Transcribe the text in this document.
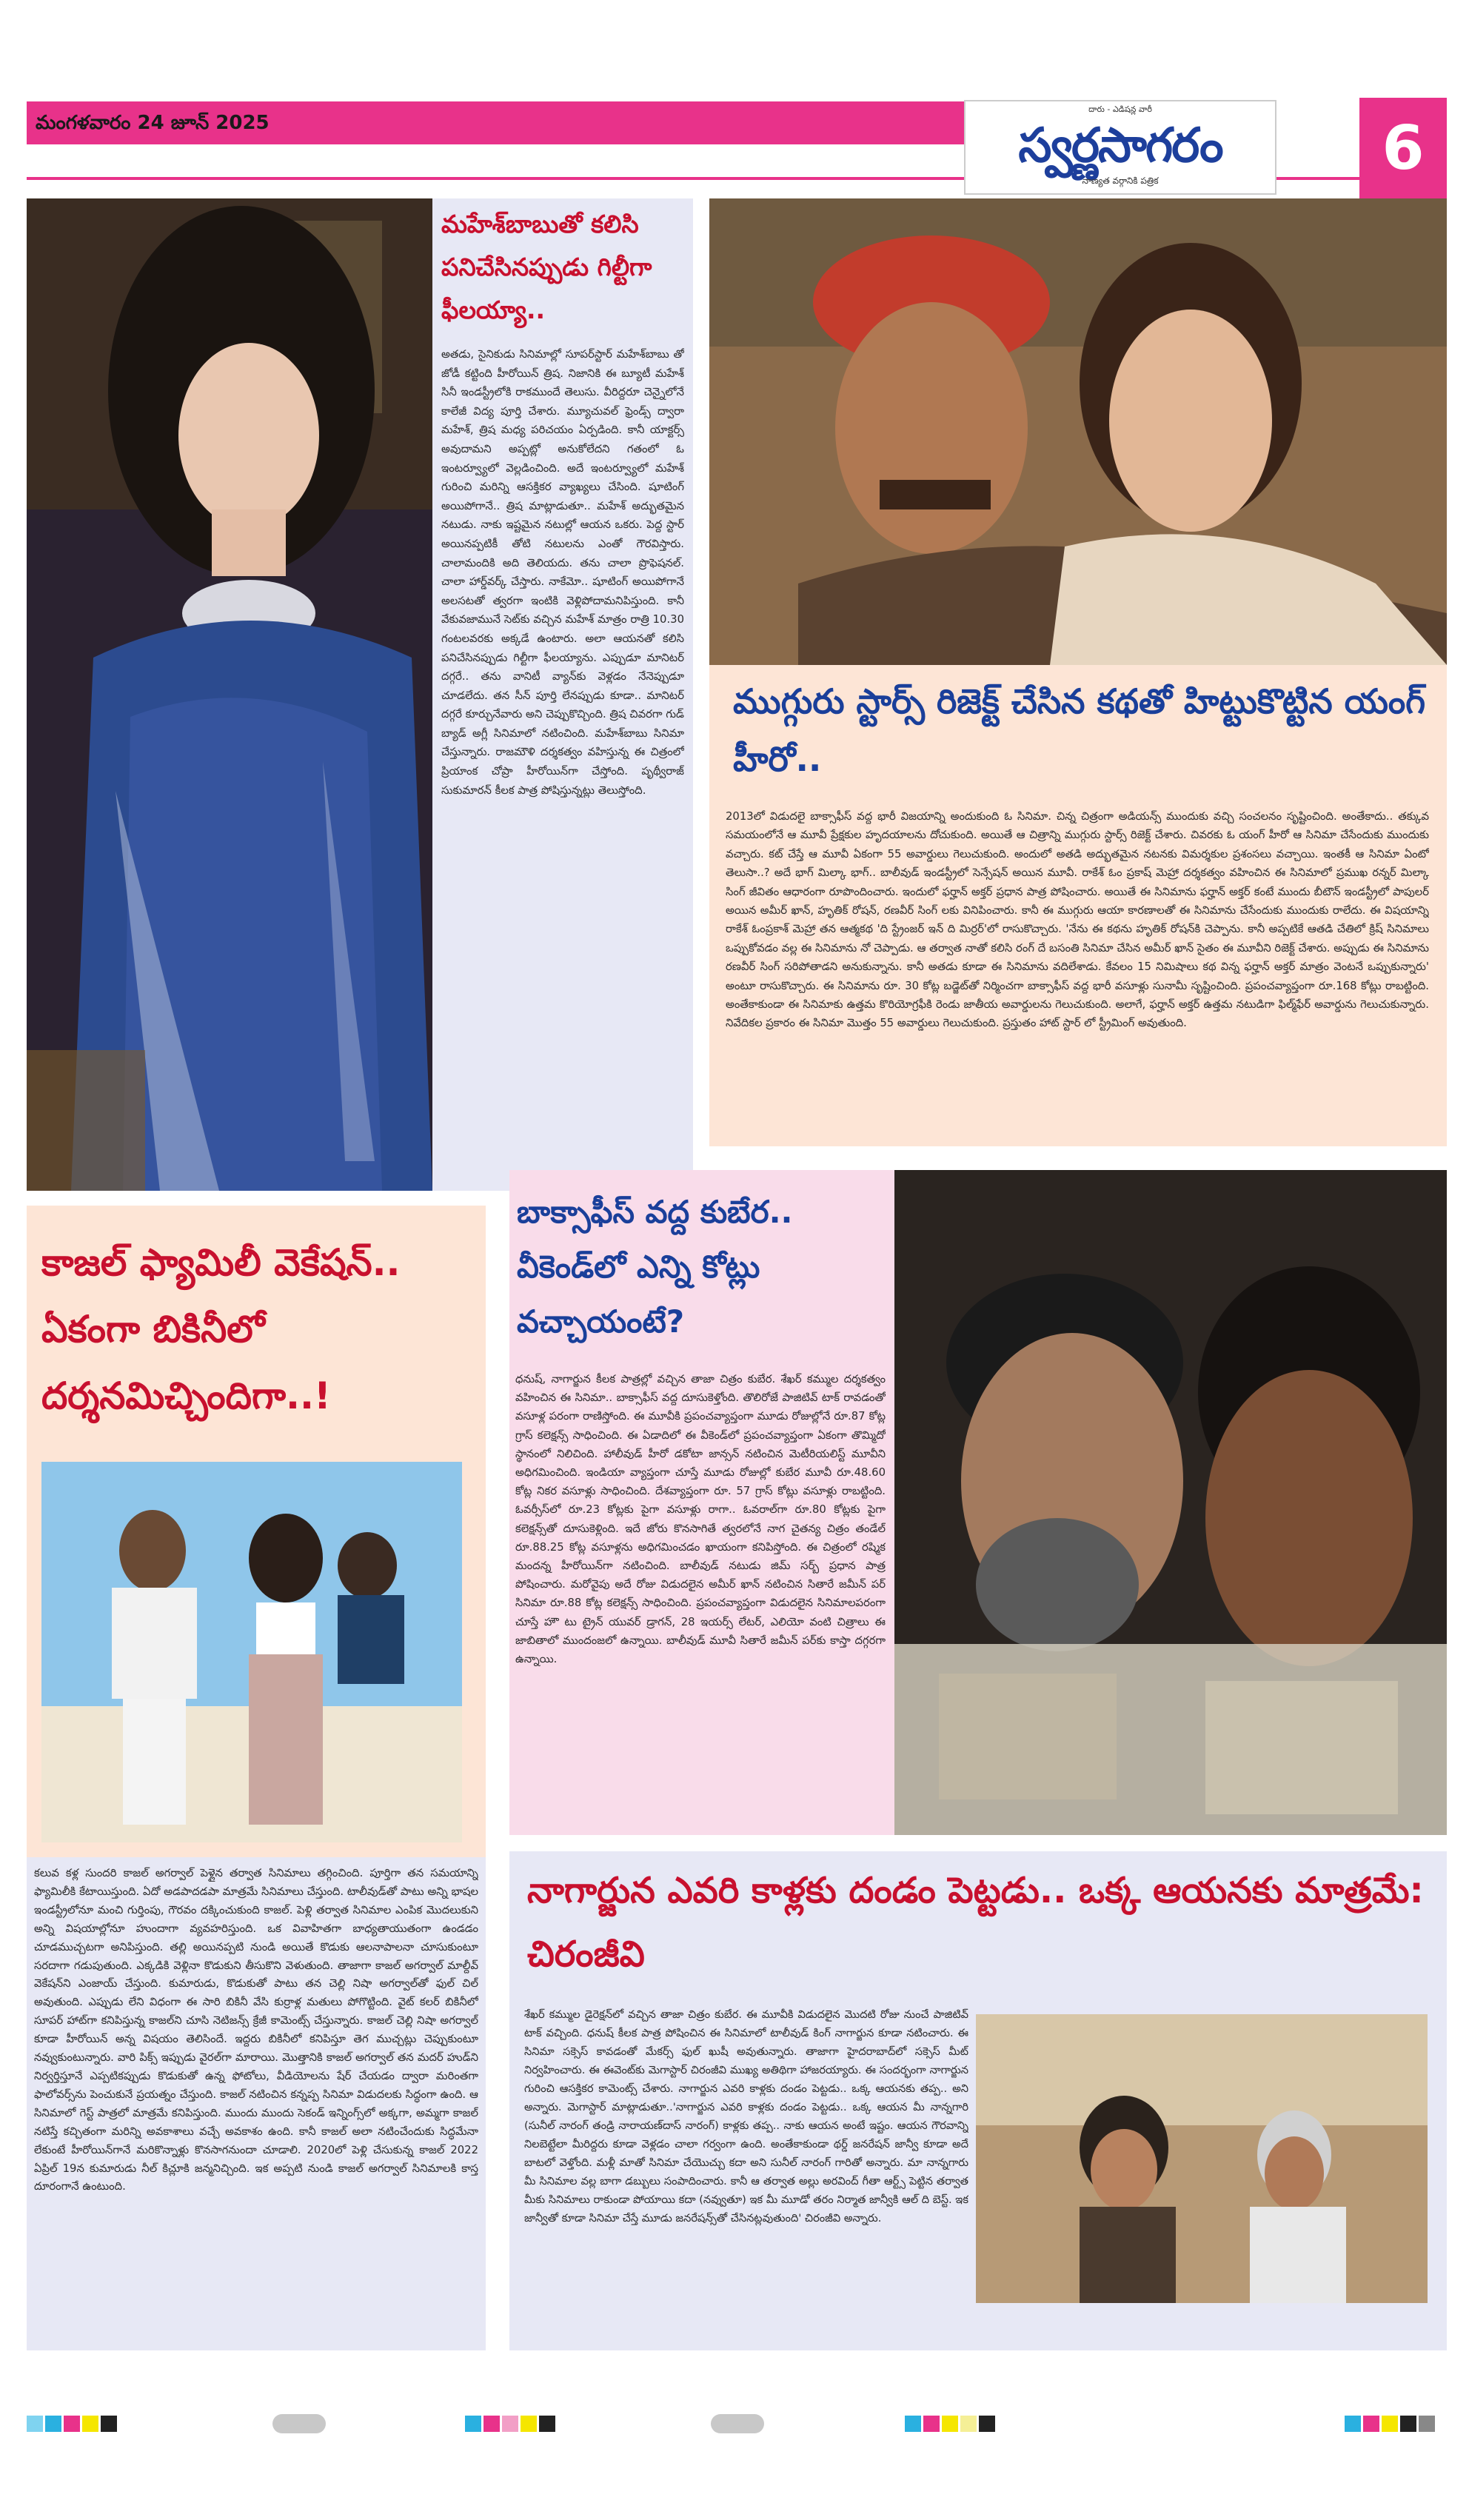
మంగళవారం 24 జూన్ 2025
దారు - ఎడిషన్ల వారీ
స్వర్ణసాగరం
నాణ్యత వర్గానికి పత్రిక	6
మహేశ్‌బాబుతో కలిసి పనిచేసినప్పుడు గిల్టీగా ఫీలయ్యా..
అతడు, సైనికుడు సినిమాల్లో సూపర్‌స్టార్ మహేశ్‌బాబు తో జోడీ కట్టింది హీరోయిన్ త్రిష. నిజానికి ఈ బ్యూటీ మహేశ్ సినీ ఇండస్ట్రీలోకి రాకముందే తెలుసు. వీరిద్దరూ చెన్నైలోనే కాలేజీ విద్య పూర్తి చేశారు. మ్యూచువల్ ఫ్రెండ్స్ ద్వారా మహేశ్, త్రిష మధ్య పరిచయం ఏర్పడింది. కానీ యాక్టర్స్ అవుదామని అప్పట్లో అనుకోలేదని గతంలో ఓ ఇంటర్వ్యూలో వెల్లడించింది. అదే ఇంటర్వ్యూలో మహేశ్ గురించి మరిన్ని ఆసక్తికర వ్యాఖ్యలు చేసింది. షూటింగ్ అయిపోగానే.. త్రిష మాట్లాడుతూ.. మహేశ్ అద్భుతమైన నటుడు. నాకు ఇష్టమైన నటుల్లో ఆయన ఒకరు. పెద్ద స్టార్ అయినప్పటికీ తోటి నటులను ఎంతో గౌరవిస్తారు. చాలామందికి అది తెలియదు. తను చాలా ప్రొఫెషనల్. చాలా హార్డ్‌వర్క్ చేస్తారు. నాకేమో.. షూటింగ్ అయిపోగానే అలసటతో త్వరగా ఇంటికి వెళ్లిపోదామనిపిస్తుంది. కానీ వేకువజామునే సెట్‌కు వచ్చిన మహేశ్ మాత్రం రాత్రి 10.30 గంటలవరకు అక్కడే ఉంటారు. అలా ఆయనతో కలిసి పనిచేసినప్పుడు గిల్టీగా ఫీలయ్యాను. ఎప్పుడూ మానిటర్ దగ్గరే.. తను వానిటీ వ్యాన్‌కు వెళ్లడం నేనెప్పుడూ చూడలేదు. తన సీన్ పూర్తి లేనప్పుడు కూడా.. మానిటర్ దగ్గరే కూర్చునేవారు అని చెప్పుకొచ్చింది. త్రిష చివరగా గుడ్ బ్యాడ్ అగ్లీ సినిమాలో నటించింది. మహేశ్‌బాబు సినిమా చేస్తున్నారు. రాజమౌళి దర్శకత్వం వహిస్తున్న ఈ చిత్రంలో ప్రియాంక చోప్రా హీరోయిన్‌గా చేస్తోంది. పృథ్వీరాజ్ సుకుమారన్ కీలక పాత్ర పోషిస్తున్నట్లు తెలుస్తోంది.
ముగ్గురు స్టార్స్ రిజెక్ట్ చేసిన కథతో హిట్టుకొట్టిన యంగ్ హీరో..
2013లో విడుదలై బాక్సాఫీస్ వద్ద భారీ విజయాన్ని అందుకుంది ఓ సినిమా. చిన్న చిత్రంగా అడియన్స్ ముందుకు వచ్చి సంచలనం సృష్టించింది. అంతేకాదు.. తక్కువ సమయంలోనే ఆ మూవీ ప్రేక్షకుల హృదయాలను దోచుకుంది. అయితే ఆ చిత్రాన్ని ముగ్గురు స్టార్స్ రిజెక్ట్ చేశారు. చివరకు ఓ యంగ్ హీరో ఆ సినిమా చేసేందుకు ముందుకు వచ్చారు. కట్ చేస్తే ఆ మూవీ ఏకంగా 55 అవార్డులు గెలుచుకుంది. అందులో అతడి అద్భుతమైన నటనకు విమర్శకుల ప్రశంసలు వచ్చాయి. ఇంతకీ ఆ సినిమా ఏంటో తెలుసా..? అదే భాగ్ మిల్కా భాగ్.. బాలీవుడ్ ఇండస్ట్రీలో సెన్సేషన్ అయిన మూవీ. రాకేశ్ ఓం ప్రకాష్ మెహ్రా దర్శకత్వం వహించిన ఈ సినిమాలో ప్రముఖ రన్నర్ మిల్కా సింగ్ జీవితం ఆధారంగా రూపొందించారు. ఇందులో ఫర్హాన్ అక్తర్ ప్రధాన పాత్ర పోషించారు. అయితే ఈ సినిమాను ఫర్హాన్ అక్తర్ కంటే ముందు బీటౌన్ ఇండస్ట్రీలో పాపులర్ అయిన అమీర్ ఖాన్, హృతిక్ రోషన్, రణవీర్ సింగ్ లకు వినిపించారు. కానీ ఈ ముగ్గురు ఆయా కారణాలతో ఈ సినిమాను చేసేందుకు ముందుకు రాలేదు. ఈ విషయాన్ని రాకేశ్ ఓంప్రకాశ్ మెహ్రా తన ఆత్మకథ 'ది స్ట్రేంజర్ ఇన్ ది మిర్రర్'లో రాసుకొచ్చారు. 'నేను ఈ కథను హృతిక్ రోషన్‌కి చెప్పాను. కానీ అప్పటికే ఆతడి చేతిలో క్రిష్ సినిమాలు ఒప్పుకోవడం వల్ల ఈ సినిమాను నో చెప్పాడు. ఆ తర్వాత నాతో కలిసి రంగ్ దే బసంతి సినిమా చేసిన అమీర్ ఖాన్ సైతం ఈ మూవీని రిజెక్ట్ చేశారు. అప్పుడు ఈ సినిమాను రణవీర్ సింగ్ సరిపోతాడని అనుకున్నాను. కానీ అతడు కూడా ఈ సినిమాను వదిలేశాడు. కేవలం 15 నిమిషాలు కథ విన్న ఫర్హాన్ అక్తర్ మాత్రం వెంటనే ఒప్పుకున్నారు' అంటూ రాసుకొచ్చారు. ఈ సినిమాను రూ. 30 కోట్ల బడ్జెట్‌తో నిర్మించగా బాక్సాఫీస్ వద్ద భారీ వసూళ్లు సునామీ సృష్టించింది. ప్రపంచవ్యాప్తంగా రూ.168 కోట్లు రాబట్టింది. అంతేకాకుండా ఈ సినిమాకు ఉత్తమ కొరియోగ్రఫీకి రెండు జాతీయ అవార్డులను గెలుచుకుంది. అలాగే, ఫర్హాన్ అక్తర్ ఉత్తమ నటుడిగా ఫిల్మ్‌ఫేర్ అవార్డును గెలుచుకున్నారు. నివేదికల ప్రకారం ఈ సినిమా మొత్తం 55 అవార్డులు గెలుచుకుంది. ప్రస్తుతం హాట్ స్టార్ లో స్ట్రీమింగ్ అవుతుంది.
కాజల్ ఫ్యామిలీ వెకేషన్.. ఏకంగా బికినీలో దర్శనమిచ్చిందిగా..!
బాక్సాఫీస్ వద్ద కుబేర.. వీకెండ్‌లో ఎన్ని కోట్లు వచ్చాయంటే?
ధనుష్, నాగార్జున కీలక పాత్రల్లో వచ్చిన తాజా చిత్రం కుబేర. శేఖర్ కమ్ముల దర్శకత్వం వహించిన ఈ సినిమా.. బాక్సాఫీస్ వద్ద దూసుకెళ్తోంది. తొలిరోజే పాజిటివ్ టాక్ రావడంతో వసూళ్ల పరంగా రాణిస్తోంది. ఈ మూవీకి ప్రపంచవ్యాప్తంగా మూడు రోజుల్లోనే రూ.87 కోట్ల గ్రాస్ కలెక్షన్స్ సాధించింది. ఈ ఏడాదిలో ఈ వీకెండ్‌లో ప్రపంచవ్యాప్తంగా ఏకంగా తొమ్మిదో స్థానంలో నిలిచింది. హాలీవుడ్ హీరో డకోటా జాన్సన్ నటించిన మెటీరియలిస్ట్ మూవీని అధిగమించింది. ఇండియా వ్యాప్తంగా చూస్తే మూడు రోజుల్లో కుబేర మూవీ రూ.48.60 కోట్ల నికర వసూళ్లు సాధించింది. దేశవ్యాప్తంగా రూ. 57 గ్రాస్ కోట్లు వసూళ్లు రాబట్టింది. ఓవర్సీస్‌లో రూ.23 కోట్లకు పైగా వసూళ్లు రాగా.. ఓవరాల్‌గా రూ.80 కోట్లకు పైగా కలెక్షన్స్‌తో దూసుకెళ్లింది. ఇదే జోరు కొనసాగితే త్వరలోనే నాగ చైతన్య చిత్రం తండేల్ రూ.88.25 కోట్ల వసూళ్లను అధిగమించడం ఖాయంగా కనిపిస్తోంది. ఈ చిత్రంలో రష్మిక మందన్న హీరోయిన్‌గా నటించింది. బాలీవుడ్ నటుడు జిమ్ సర్బ్ ప్రధాన పాత్ర పోషించారు. మరోవైపు అదే రోజు విడుదలైన అమీర్ ఖాన్ నటించిన సితారే జమీన్ పర్ సినిమా రూ.88 కోట్ల కలెక్షన్స్ సాధించింది. ప్రపంచవ్యాప్తంగా విడుదలైన సినిమాలపరంగా చూస్తే హౌ టు ట్రైన్ యువర్ డ్రాగన్, 28 ఇయర్స్ లేటర్, ఎలియో వంటి చిత్రాలు ఈ జాబితాలో ముందంజలో ఉన్నాయి. బాలీవుడ్ మూవీ సితారే జమీన్ పర్‌కు కాస్తా దగ్గరగా ఉన్నాయి.
కలువ కళ్ల సుందరి కాజల్ అగర్వాల్ పెళ్లైన తర్వాత సినిమాలు తగ్గించింది. పూర్తిగా తన సమయాన్ని ఫ్యామిలీకి కేటాయిస్తుంది. ఏదో అడపాదడపా మాత్రమే సినిమాలు చేస్తుంది. టాలీవుడ్‌తో పాటు అన్ని భాషల ఇండస్ట్రీలోనూ మంచి గుర్తింపు, గౌరవం దక్కించుకుంది కాజల్. పెళ్లి తర్వాత సినిమాల ఎంపిక మొదలుకుని అన్ని విషయాల్లోనూ హుందాగా వ్యవహరిస్తుంది. ఒక వివాహితగా బాధ్యతాయుతంగా ఉండడం చూడముచ్చటగా అనిపిస్తుంది. తల్లి అయినప్పటి నుండి అయితే కొడుకు ఆలనాపాలనా చూసుకుంటూ సరదాగా గడుపుతుంది. ఎక్కడికి వెళ్లినా కొడుకుని తీసుకొని వెళుతుంది. తాజాగా కాజల్ అగర్వాల్ మాల్దీవ్ వెకేషన్‌ని ఎంజాయ్ చేస్తుంది. కుమారుడు, కొడుకుతో పాటు తన చెల్లి నిషా అగర్వాల్‌తో ఫుల్ చిల్ అవుతుంది. ఎప్పుడు లేని విధంగా ఈ సారి బికినీ వేసి కుర్రాళ్ల మతులు పోగొట్టింది. వైట్ కలర్ బికినీలో సూపర్ హాట్‌గా కనిపిస్తున్న కాజల్‌ని చూసి నెటిజన్స్ క్రేజీ కామెంట్స్ చేస్తున్నారు. కాజల్ చెల్లి నిషా అగర్వాల్ కూడా హీరోయిన్ అన్న విషయం తెలిసిందే. ఇద్దరు బికినీలో కనిపిస్తూ తెగ ముచ్చట్లు చెప్పుకుంటూ నవ్వుకుంటున్నారు. వారి పిక్స్ ఇప్పుడు వైరల్‌గా మారాయి. మొత్తానికి కాజల్ అగర్వాల్ తన మదర్ హుడ్‌ని నిర్వర్తిస్తూనే ఎప్పటికప్పుడు కొడుకుతో ఉన్న ఫోటోలు, వీడియోలను షేర్ చేయడం ద్వారా మరింతగా ఫాలోవర్స్‌ను పెంచుకునే ప్రయత్నం చేస్తుంది. కాజల్ నటించిన కన్నప్ప సినిమా విడుదలకు సిద్ధంగా ఉంది. ఆ సినిమాలో గెస్ట్ పాత్రలో మాత్రమే కనిపిస్తుంది. ముందు ముందు సెకండ్ ఇన్నింగ్స్‌లో అక్కగా, అమ్మగా కాజల్ నటిస్తే కచ్చితంగా మరిన్ని అవకాశాలు వచ్చే అవకాశం ఉంది. కానీ కాజల్ అలా నటించేందుకు సిద్ధమేనా లేకుంటే హీరోయిన్‌గానే మరికొన్నాళ్లు కొనసాగనుందా చూడాలి. 2020లో పెళ్లి చేసుకున్న కాజల్ 2022 ఏప్రిల్ 19న కుమారుడు నీల్ కిచ్లూకి జన్మనిచ్చింది. ఇక అప్పటి నుండి కాజల్ అగర్వాల్ సినిమాలకి కాస్త దూరంగానే ఉంటుంది.
నాగార్జున ఎవరి కాళ్లకు దండం పెట్టడు.. ఒక్క ఆయనకు మాత్రమే: చిరంజీవి
శేఖర్ కమ్ముల డైరెక్షన్‌లో వచ్చిన తాజా చిత్రం కుబేర. ఈ మూవీకి విడుదలైన మొదటి రోజు నుంచే పాజిటివ్ టాక్ వచ్చింది. ధనుష్ కీలక పాత్ర పోషించిన ఈ సినిమాలో టాలీవుడ్ కింగ్ నాగార్జున కూడా నటించారు. ఈ సినిమా సక్సెస్ కావడంతో మేకర్స్ ఫుల్ ఖుషీ అవుతున్నారు. తాజాగా హైదరాబాద్‌లో సక్సెస్ మీట్ నిర్వహించారు. ఈ ఈవెంట్‌కు మెగాస్టార్ చిరంజీవి ముఖ్య అతిథిగా హాజరయ్యారు. ఈ సందర్భంగా నాగార్జున గురించి ఆసక్తికర కామెంట్స్ చేశారు. నాగార్జున ఎవరి కాళ్లకు దండం పెట్టడు.. ఒక్క ఆయనకు తప్ప.. అని అన్నారు. మెగాస్టార్ మాట్లాడుతూ..'నాగార్జున ఎవరి కాళ్లకు దండం పెట్టడు.. ఒక్క ఆయన మీ నాన్నగారి (సునీల్ నారంగ్ తండ్రి నారాయణ్‌దాస్ నారంగ్) కాళ్లకు తప్ప.. నాకు ఆయన అంటే ఇష్టం. ఆయన గౌరవాన్ని నిలబెట్టేలా మీరిద్దరు కూడా వెళ్లడం చాలా గర్వంగా ఉంది. అంతేకాకుండా థర్డ్ జనరేషన్ జాన్వీ కూడా అదే బాటలో వెళ్తోంది. మళ్లీ మాతో సినిమా చేయొచ్చు కదా అని సునీల్ నారంగ్ గారితో అన్నారు. మా నాన్నగారు మీ సినిమాల వల్ల బాగా డబ్బులు సంపాదించారు. కానీ ఆ తర్వాత అల్లు అరవింద్ గీతా ఆర్ట్స్ పెట్టిన తర్వాత మీకు సినిమాలు రాకుండా పోయాయి కదా (నవ్వుతూ) ఇక మీ మూడో తరం నిర్మాత జాన్వీకి ఆల్ ది బెస్ట్. ఇక జాన్వీతో కూడా సినిమా చేస్తే మూడు జనరేషన్స్‌తో చేసినట్లవుతుంది' చిరంజీవి అన్నారు.
